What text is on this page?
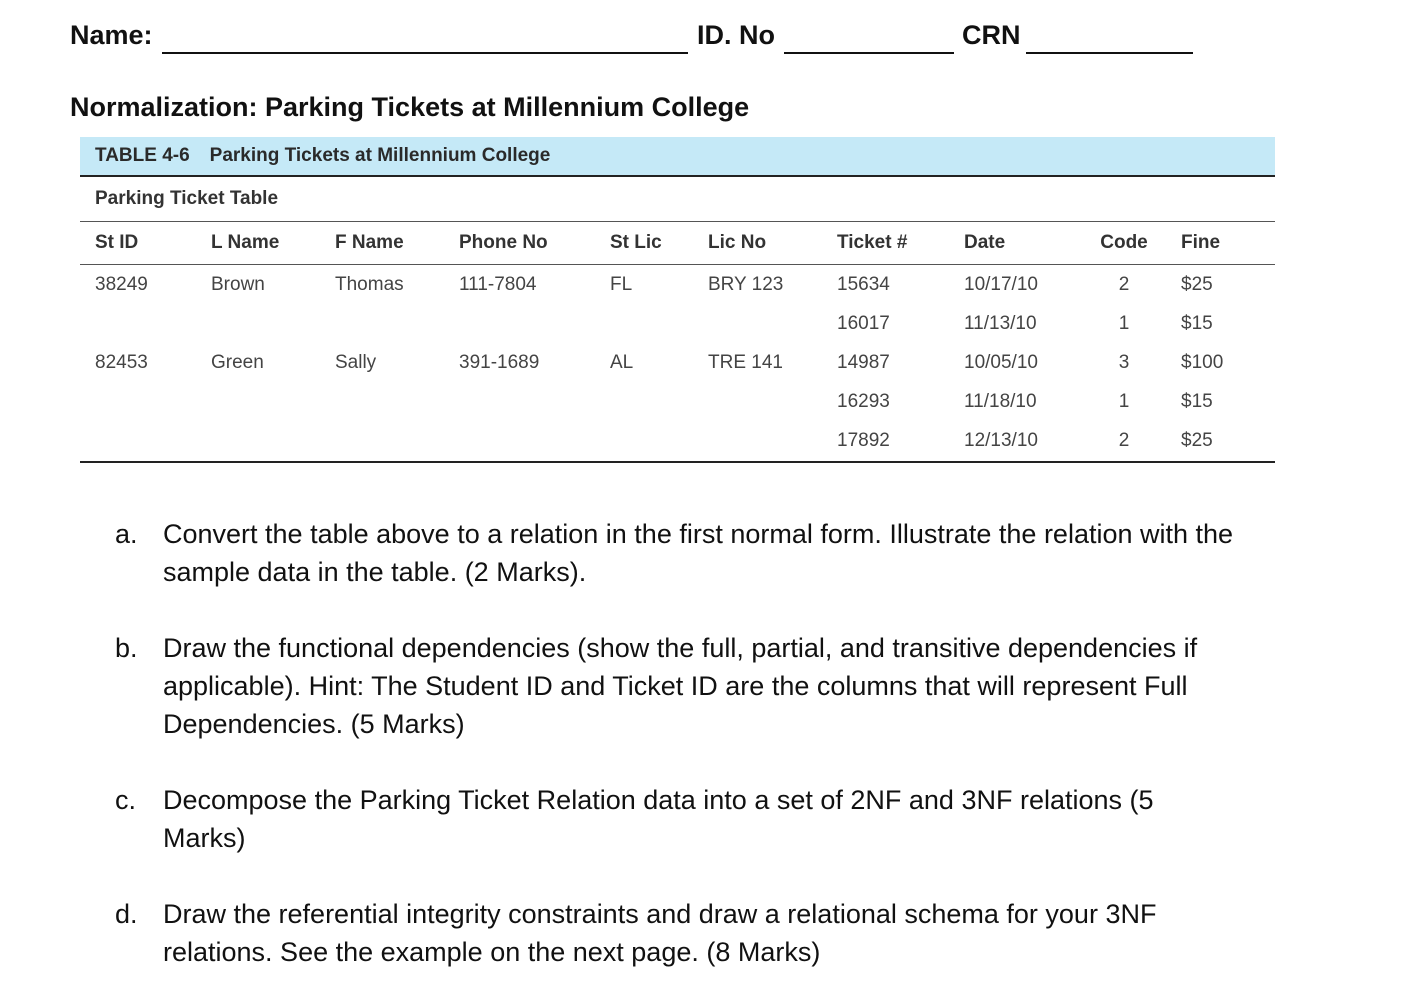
Name:	ID. No	CRN
Normalization: Parking Tickets at Millennium College
TABLE 4-6 Parking Tickets at Millennium College
Parking Ticket Table
St ID	L Name	F Name	Phone No	St Lic	Lic No	Ticket #	Date	Code	Fine
38249	Brown	Thomas	111-7804	FL	BRY 123	15634	10/17/10	2	$25
						16017	11/13/10	1	$15
82453	Green	Sally	391-1689	AL	TRE 141	14987	10/05/10	3	$100
						16293	11/18/10	1	$15
						17892	12/13/10	2	$25
a. Convert the table above to a relation in the first normal form. Illustrate the relation with the sample data in the table. (2 Marks).
b. Draw the functional dependencies (show the full, partial, and transitive dependencies if applicable). Hint: The Student ID and Ticket ID are the columns that will represent Full Dependencies. (5 Marks)
c. Decompose the Parking Ticket Relation data into a set of 2NF and 3NF relations (5 Marks)
d. Draw the referential integrity constraints and draw a relational schema for your 3NF relations. See the example on the next page. (8 Marks)
